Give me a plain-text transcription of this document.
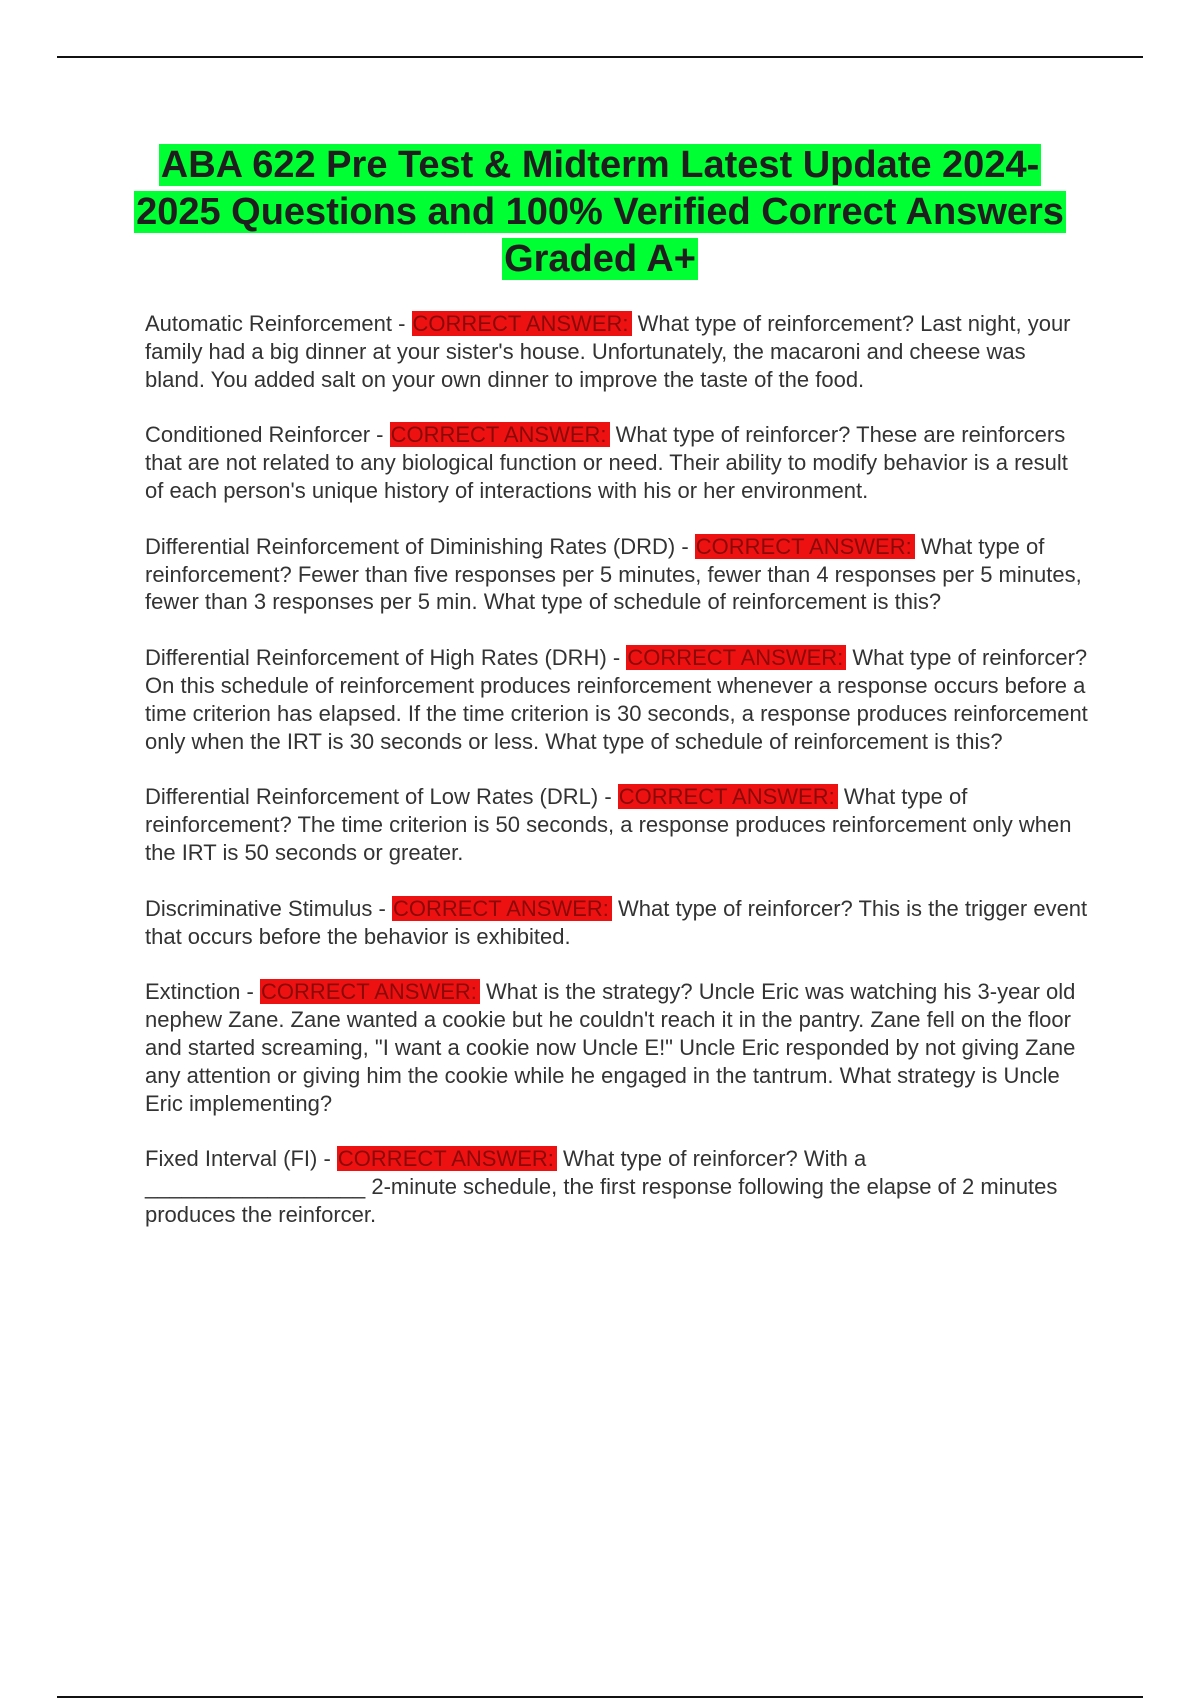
ABA 622 Pre Test & Midterm Latest Update 2024-2025 Questions and 100% Verified Correct Answers Graded A+

Automatic Reinforcement - CORRECT ANSWER: What type of reinforcement? Last night, your family had a big dinner at your sister's house. Unfortunately, the macaroni and cheese was bland. You added salt on your own dinner to improve the taste of the food.

Conditioned Reinforcer - CORRECT ANSWER: What type of reinforcer? These are reinforcers that are not related to any biological function or need. Their ability to modify behavior is a result of each person's unique history of interactions with his or her environment.

Differential Reinforcement of Diminishing Rates (DRD) - CORRECT ANSWER: What type of reinforcement? Fewer than five responses per 5 minutes, fewer than 4 responses per 5 minutes, fewer than 3 responses per 5 min. What type of schedule of reinforcement is this?

Differential Reinforcement of High Rates (DRH) - CORRECT ANSWER: What type of reinforcer? On this schedule of reinforcement produces reinforcement whenever a response occurs before a time criterion has elapsed. If the time criterion is 30 seconds, a response produces reinforcement only when the IRT is 30 seconds or less. What type of schedule of reinforcement is this?

Differential Reinforcement of Low Rates (DRL) - CORRECT ANSWER: What type of reinforcement? The time criterion is 50 seconds, a response produces reinforcement only when the IRT is 50 seconds or greater.

Discriminative Stimulus - CORRECT ANSWER: What type of reinforcer? This is the trigger event that occurs before the behavior is exhibited.

Extinction - CORRECT ANSWER: What is the strategy? Uncle Eric was watching his 3-year old nephew Zane. Zane wanted a cookie but he couldn't reach it in the pantry. Zane fell on the floor and started screaming, "I want a cookie now Uncle E!" Uncle Eric responded by not giving Zane any attention or giving him the cookie while he engaged in the tantrum. What strategy is Uncle Eric implementing?

Fixed Interval (FI) - CORRECT ANSWER: What type of reinforcer? With a __________________ 2-minute schedule, the first response following the elapse of 2 minutes produces the reinforcer.
